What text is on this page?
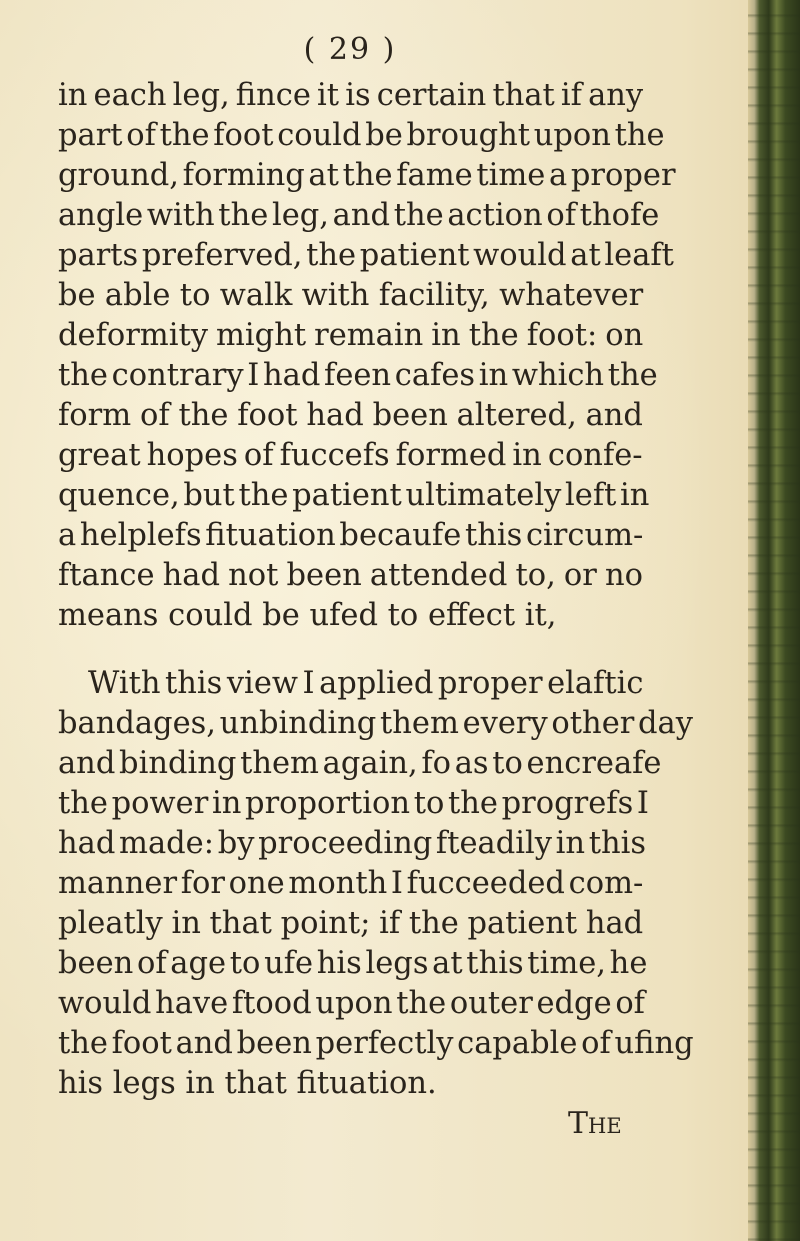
( 29 )

in each leg, fince it is certain that if any
part of the foot could be brought upon the
ground, forming at the fame time a proper
angle with the leg, and the action of thofe
parts preferved, the patient would at leaft
be able to walk with facility, whatever
deformity might remain in the foot: on
the contrary I had feen cafes in which the
form of the foot had been altered, and
great hopes of fuccefs formed in confe-
quence, but the patient ultimately left in
a helplefs fituation becaufe this circum-
ftance had not been attended to, or no
means could be ufed to effect it,
With this view I applied proper elaftic
bandages, unbinding them every other day
and binding them again, fo as to encreafe
the power in proportion to the progrefs I
had made: by proceeding fteadily in this
manner for one month I fucceeded com-
pleatly in that point; if the patient had
been of age to ufe his legs at this time, he
would have ftood upon the outer edge of
the foot and been perfectly capable of ufing
his legs in that fituation.
The
